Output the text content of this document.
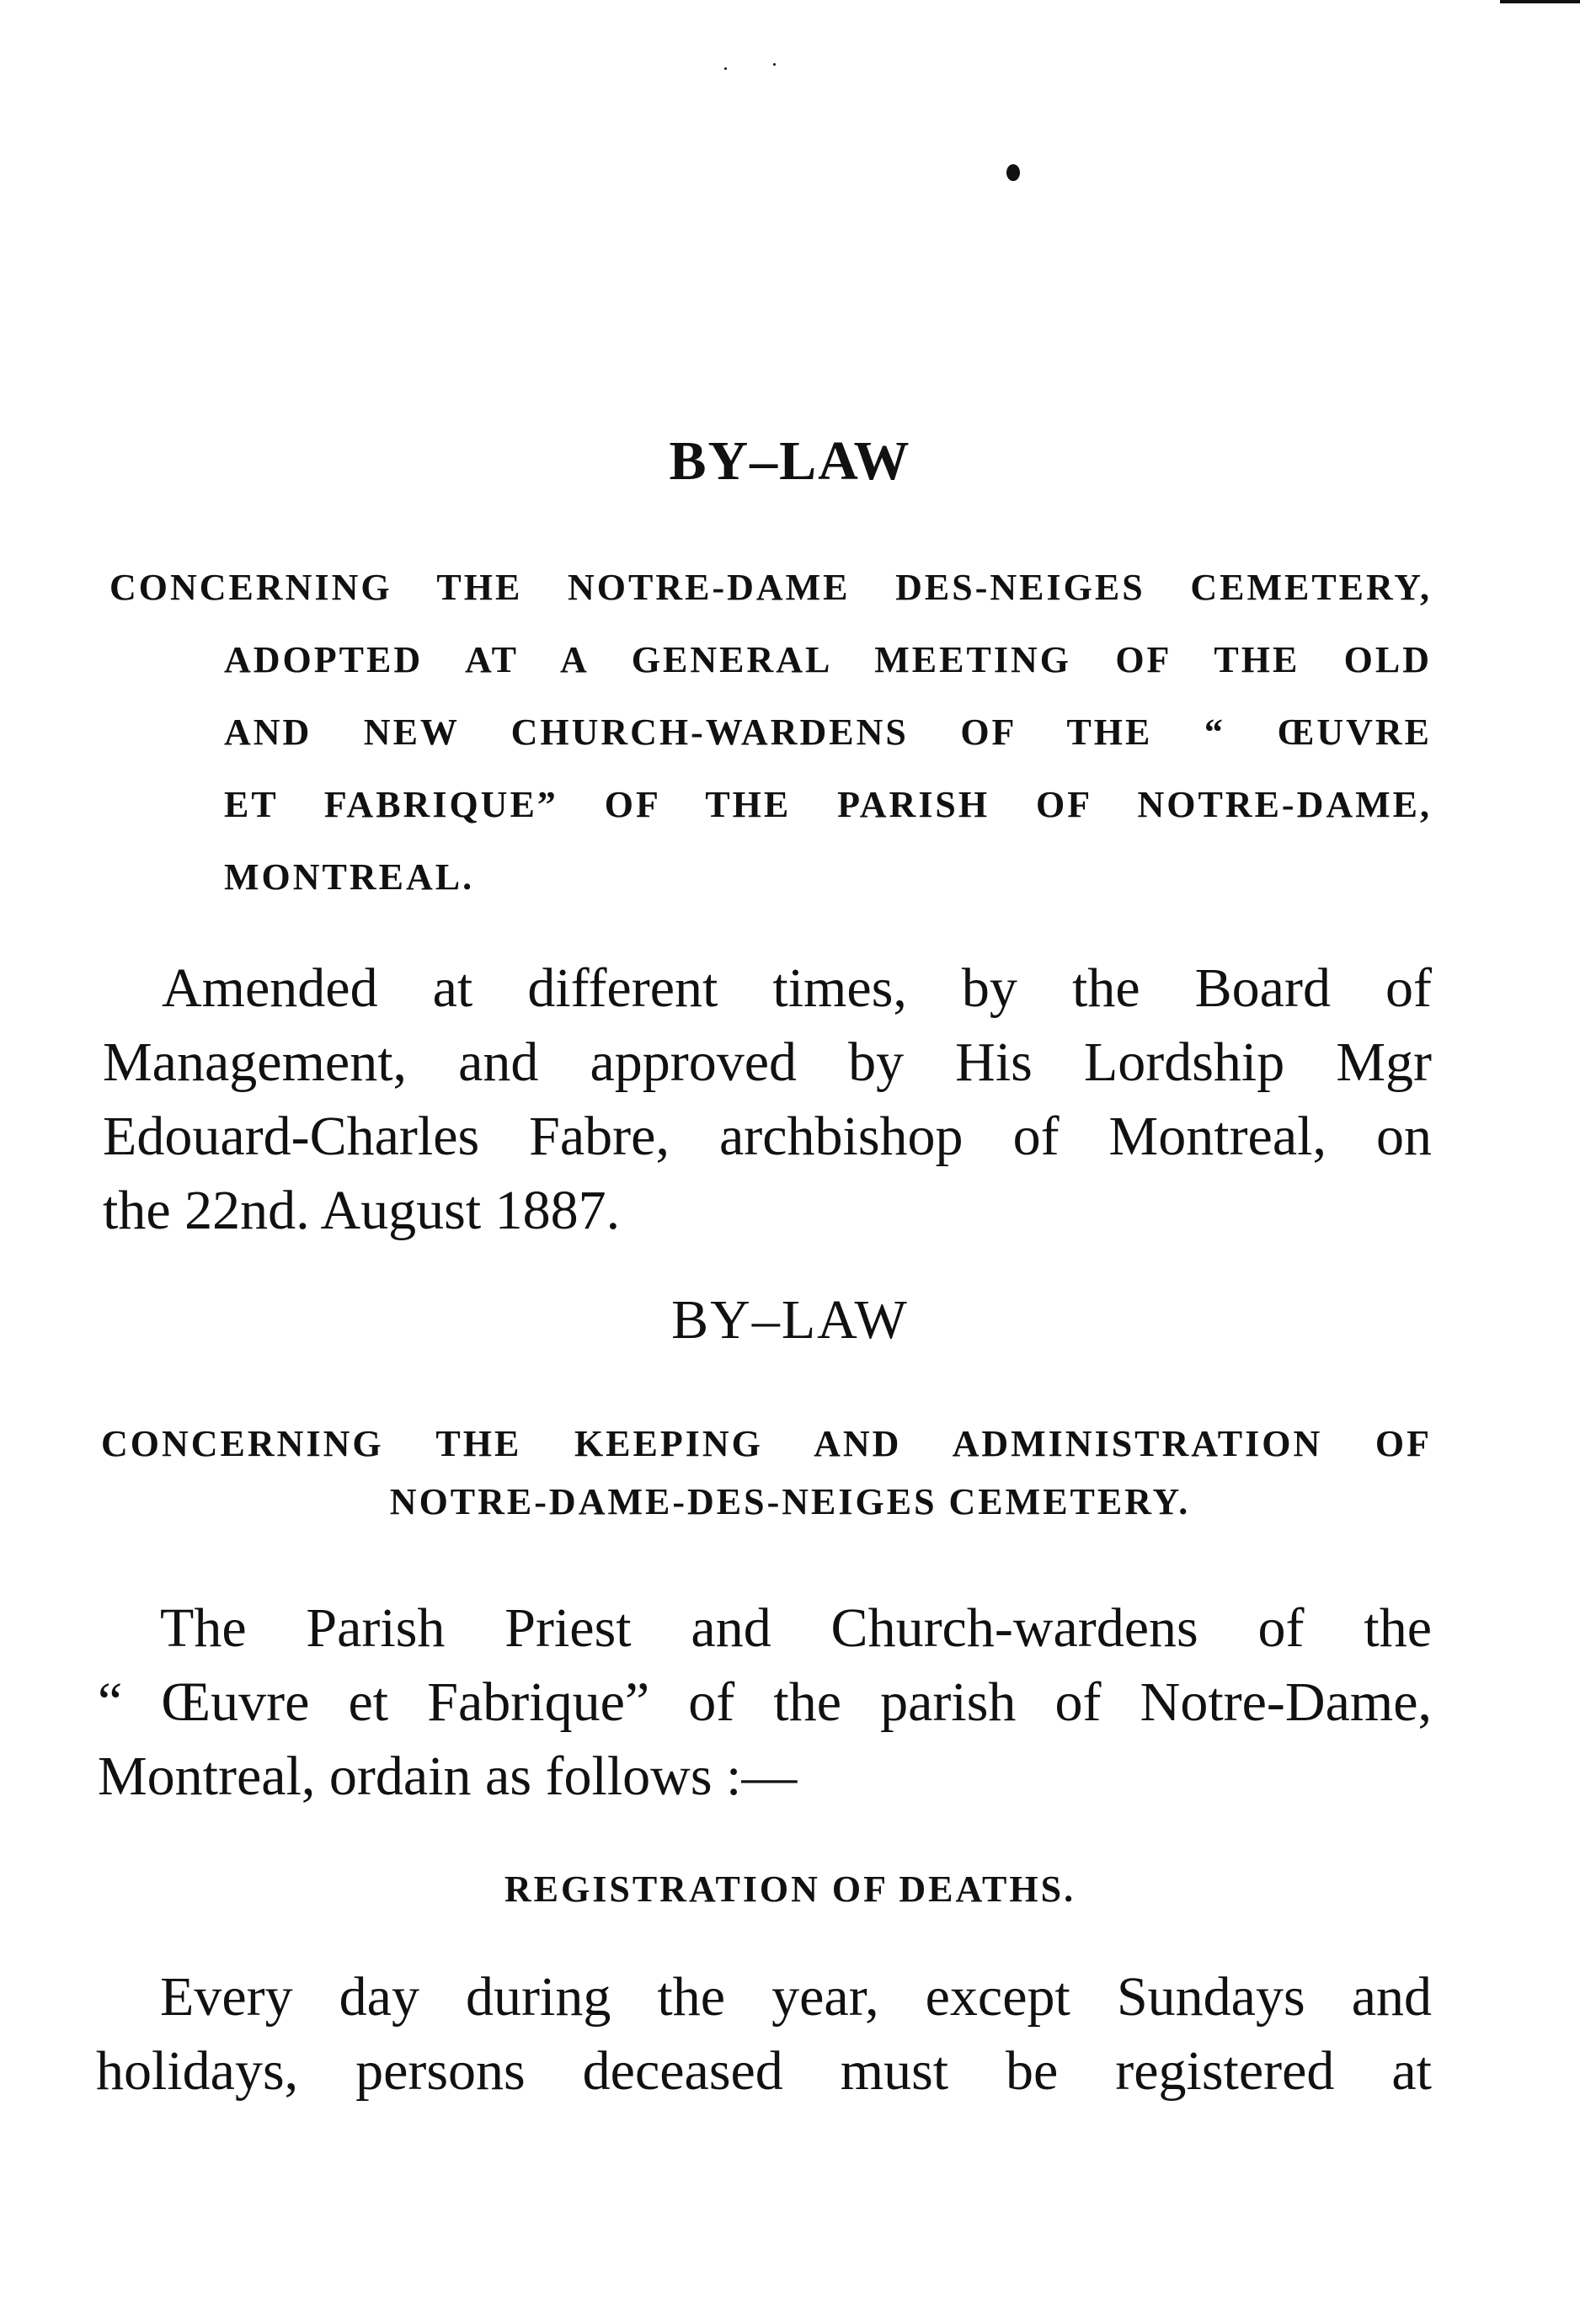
BY–LAW
CONCERNING THE NOTRE-DAME DES-NEIGES CEMETERY,
ADOPTED AT A GENERAL MEETING OF THE OLD
AND NEW CHURCH-WARDENS OF THE “ ŒUVRE
ET FABRIQUE” OF THE PARISH OF NOTRE-DAME,
MONTREAL.
Amended at different times, by the Board of
Management, and approved by His Lordship Mgr
Edouard-Charles Fabre, archbishop of Montreal, on
the 22nd. August 1887.
BY–LAW
CONCERNING THE KEEPING AND ADMINISTRATION OF
NOTRE-DAME-DES-NEIGES CEMETERY.
The Parish Priest and Church-wardens of the
“ Œuvre et Fabrique” of the parish of Notre-Dame,
Montreal, ordain as follows :—
REGISTRATION OF DEATHS.
Every day during the year, except Sundays and
holidays, persons deceased must be registered at
